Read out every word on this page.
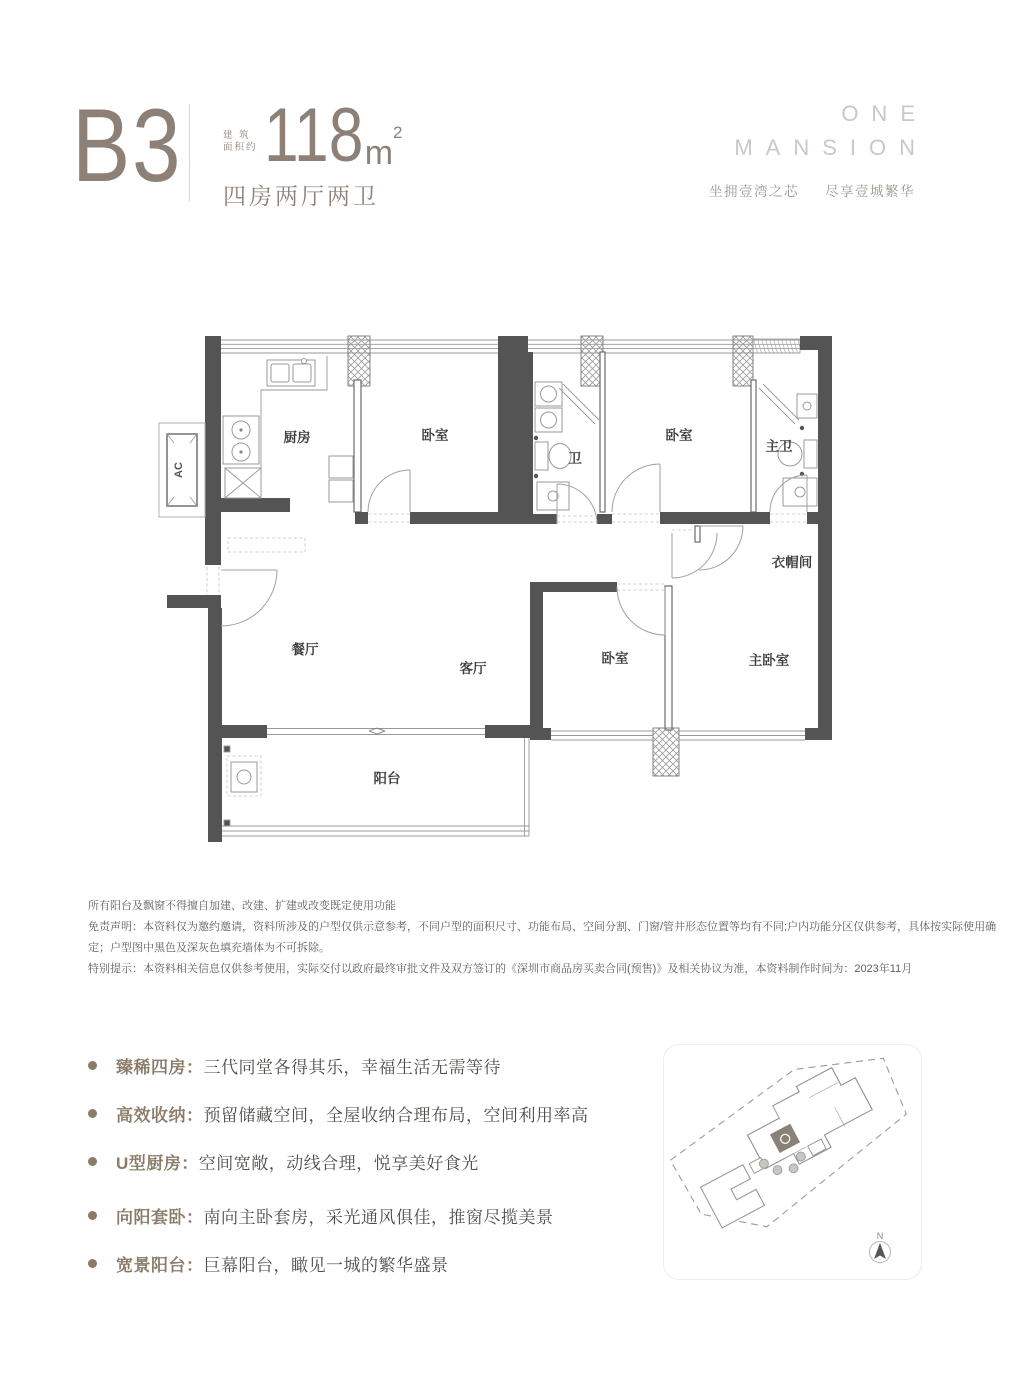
B3	建 筑
面积约 118 m
2
四房两厅两卫
ONE
MANSION
坐拥壹湾之芯 尽享壹城繁华
AC
厨房	卧室
卫
卧室
主卫
衣帽间
餐厅
客厅
卧室	主卧室
阳台
所有阳台及飘窗不得擅自加建、改建、扩建或改变既定使用功能
免责声明：本资料仅为邀约邀请，资料所涉及的户型仅供示意参考，不同户型的面积尺寸、功能布局、空间分割、门窗/管井形态位置等均有不同;户内功能分区仅供参考，具体按实际使用确
定；户型图中黑色及深灰色填充墙体为不可拆除。
特别提示：本资料相关信息仅供参考使用，实际交付以政府最终审批文件及双方签订的《深圳市商品房买卖合同(预售)》及相关协议为准，本资料制作时间为：2023年11月
臻稀四房： 三代同堂各得其乐，幸福生活无需等待
高效收纳： 预留储藏空间，全屋收纳合理布局，空间利用率高
U型厨房： 空间宽敞，动线合理，悦享美好食光
向阳套卧： 南向主卧套房，采光通风俱佳，推窗尽揽美景
宽景阳台： 巨幕阳台，瞰见一城的繁华盛景
N
